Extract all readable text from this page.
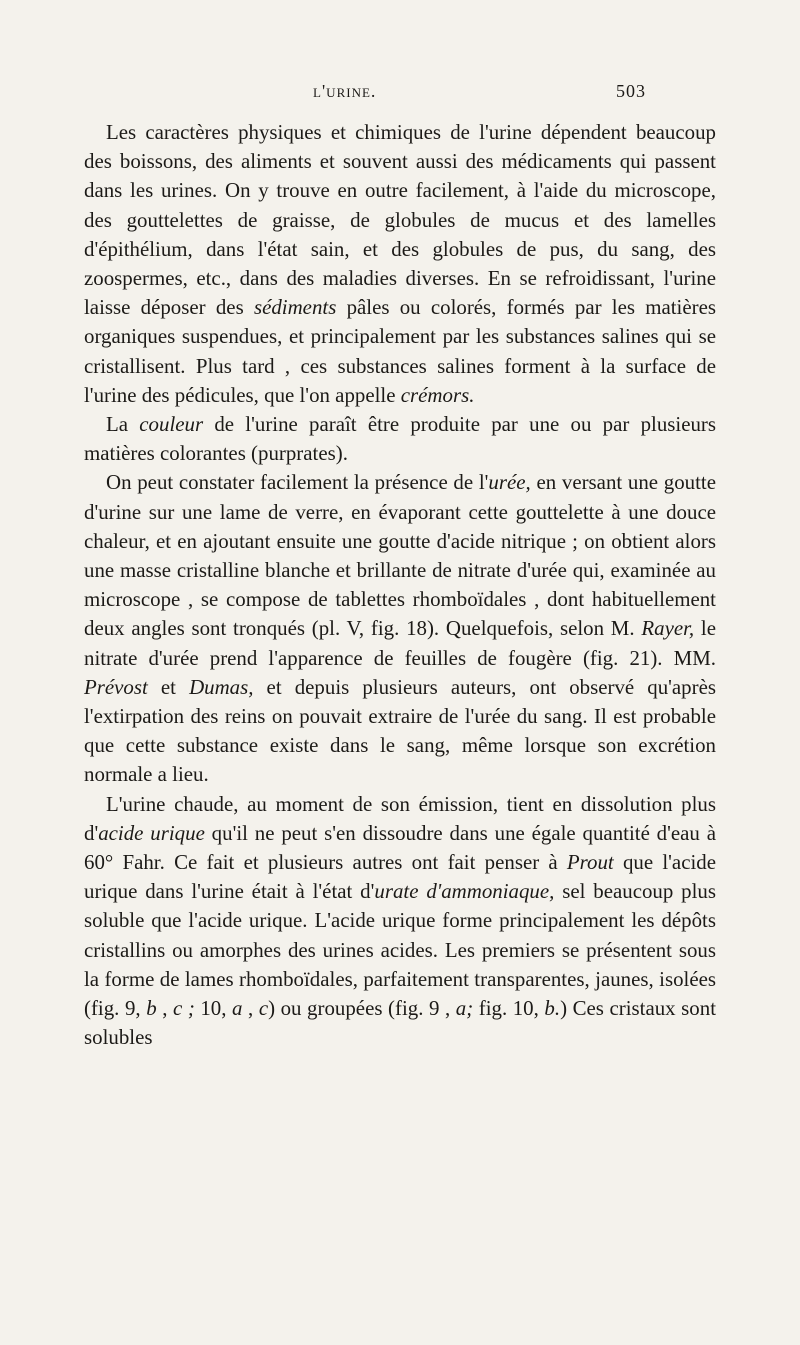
l'urine.	503

Les caractères physiques et chimiques de l'urine dépendent beaucoup des boissons, des aliments et souvent aussi des médicaments qui passent dans les urines. On y trouve en outre facilement, à l'aide du microscope, des gouttelettes de graisse, de globules de mucus et des lamelles d'épithélium, dans l'état sain, et des globules de pus, du sang, des zoospermes, etc., dans des maladies diverses. En se refroidissant, l'urine laisse déposer des sédiments pâles ou colorés, formés par les matières organiques suspendues, et principalement par les substances salines qui se cristallisent. Plus tard , ces substances salines forment à la surface de l'urine des pédicules, que l'on appelle crémors.

La couleur de l'urine paraît être produite par une ou par plusieurs matières colorantes (purprates).

On peut constater facilement la présence de l'urée, en versant une goutte d'urine sur une lame de verre, en évaporant cette gouttelette à une douce chaleur, et en ajoutant ensuite une goutte d'acide nitrique ; on obtient alors une masse cristalline blanche et brillante de nitrate d'urée qui, examinée au microscope , se compose de tablettes rhomboïdales , dont habituellement deux angles sont tronqués (pl. V, fig. 18). Quelquefois, selon M. Rayer, le nitrate d'urée prend l'apparence de feuilles de fougère (fig. 21). MM. Prévost et Dumas, et depuis plusieurs auteurs, ont observé qu'après l'extirpation des reins on pouvait extraire de l'urée du sang. Il est probable que cette substance existe dans le sang, même lorsque son excrétion normale a lieu.

L'urine chaude, au moment de son émission, tient en dissolution plus d'acide urique qu'il ne peut s'en dissoudre dans une égale quantité d'eau à 60° Fahr. Ce fait et plusieurs autres ont fait penser à Prout que l'acide urique dans l'urine était à l'état d'urate d'ammoniaque, sel beaucoup plus soluble que l'acide urique. L'acide urique forme principalement les dépôts cristallins ou amorphes des urines acides. Les premiers se présentent sous la forme de lames rhomboïdales, parfaitement transparentes, jaunes, isolées (fig. 9, b , c ; 10, a , c) ou groupées (fig. 9 , a; fig. 10, b.) Ces cristaux sont solubles
